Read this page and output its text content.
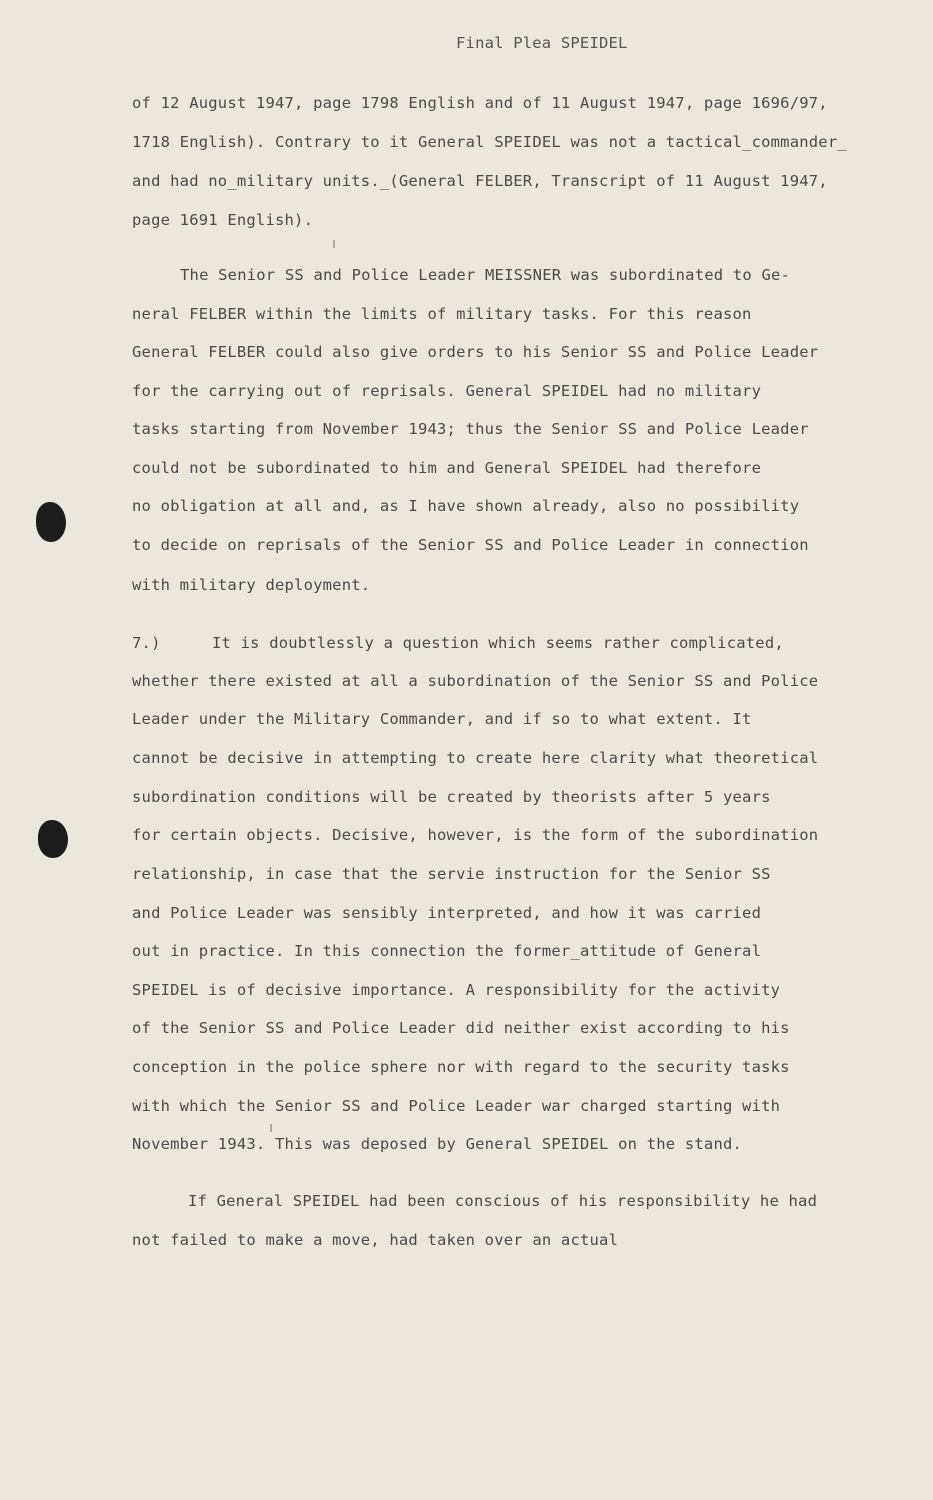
Final Plea SPEIDEL
of 12 August 1947, page 1798 English and of 11 August 1947, page 1696/97,
1718 English). Contrary to it General SPEIDEL was not a tactical_commander_
and had no_military units._(General FELBER, Transcript of 11 August 1947,
page 1691 English).
The Senior SS and Police Leader MEISSNER was subordinated to Ge-
neral FELBER within the limits of military tasks. For this reason
General FELBER could also give orders to his Senior SS and Police Leader
for the carrying out of reprisals. General SPEIDEL had no military
tasks starting from November 1943; thus the Senior SS and Police Leader
could not be subordinated to him and General SPEIDEL had therefore
no obligation at all and, as I have shown already, also no possibility
to decide on reprisals of the Senior SS and Police Leader in connection
with military deployment.
7.)	It is doubtlessly a question which seems rather complicated,
whether there existed at all a subordination of the Senior SS and Police
Leader under the Military Commander, and if so to what extent. It
cannot be decisive in attempting to create here clarity what theoretical
subordination conditions will be created by theorists after 5 years
for certain objects. Decisive, however, is the form of the subordination
relationship, in case that the servie instruction for the Senior SS
and Police Leader was sensibly interpreted, and how it was carried
out in practice. In this connection the former_attitude of General
SPEIDEL is of decisive importance. A responsibility for the activity
of the Senior SS and Police Leader did neither exist according to his
conception in the police sphere nor with regard to the security tasks
with which the Senior SS and Police Leader war charged starting with
November 1943. This was deposed by General SPEIDEL on the stand.
If General SPEIDEL had been conscious of his responsibility he had
not failed to make a move, had taken over an actual
